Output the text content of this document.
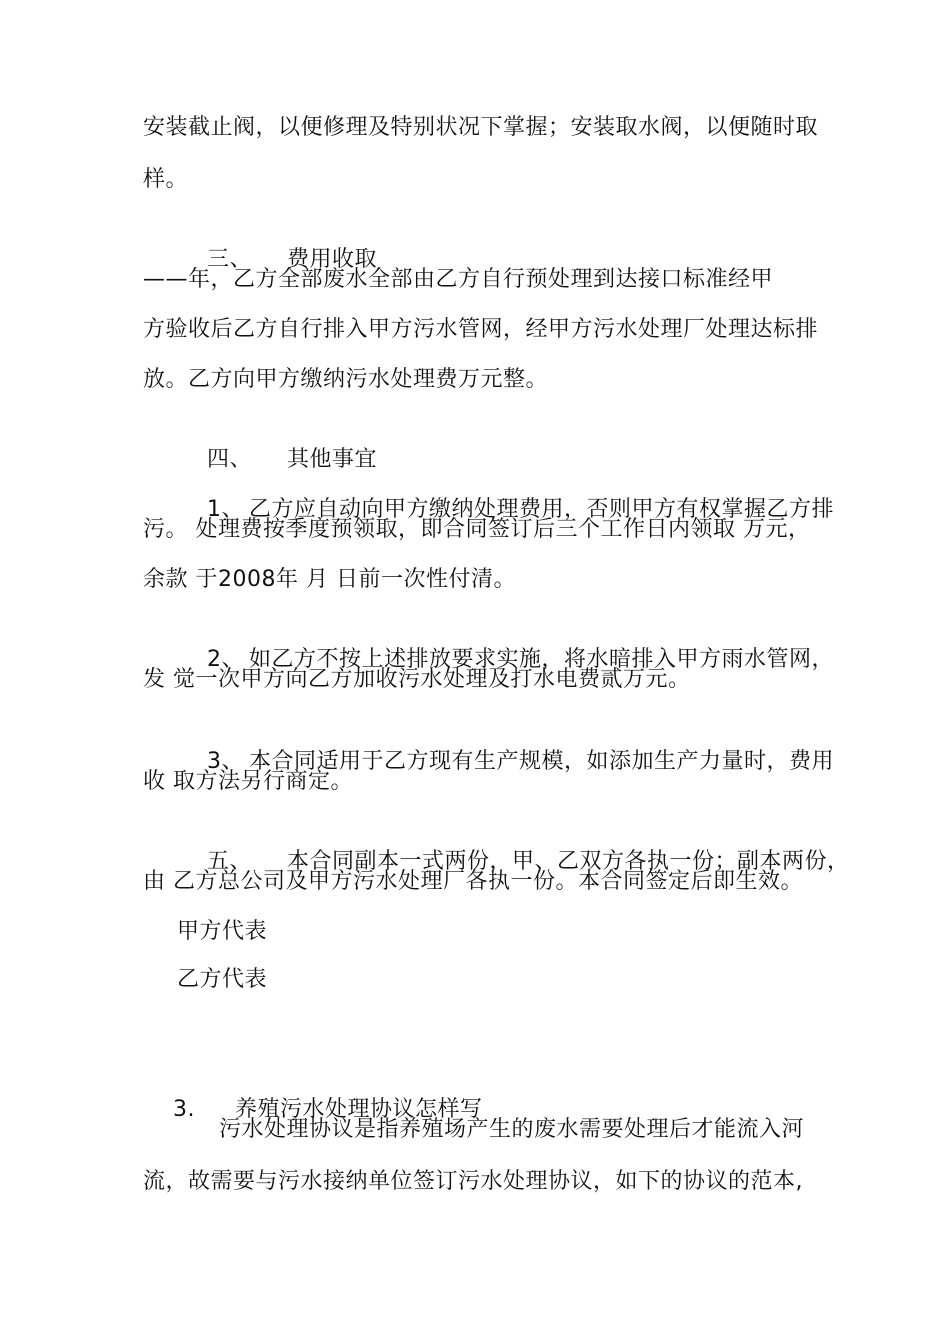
安装截止阀，以便修理及特别状况下掌握；安装取水阀，以便随时取
样。

三、 费用收取

——年，乙方全部废水全部由乙方自行预处理到达接口标准经甲
方验收后乙方自行排入甲方污水管网，经甲方污水处理厂处理达标排
放。乙方向甲方缴纳污水处理费万元整。

四、 其他事宜

1、 乙方应自动向甲方缴纳处理费用，否则甲方有权掌握乙方排

污。 处理费按季度预领取，即合同签订后三个工作日内领取 万元，
余款 于2008年 月 日前一次性付清。

2、 如乙方不按上述排放要求实施，将水暗排入甲方雨水管网，

发 觉一次甲方向乙方加收污水处理及打水电费贰万元。

3、 本合同适用于乙方现有生产规模，如添加生产力量时，费用

收 取方法另行商定。

五、 本合同副本一式两份，甲、乙双方各执一份；副本两份，

由 乙方总公司及甲方污水处理厂各执一份。本合同签定后即生效。
甲方代表
乙方代表

3. 养殖污水处理协议怎样写

污水处理协议是指养殖场产生的废水需要处理后才能流入河
流，故需要与污水接纳单位签订污水处理协议，如下的协议的范本,
